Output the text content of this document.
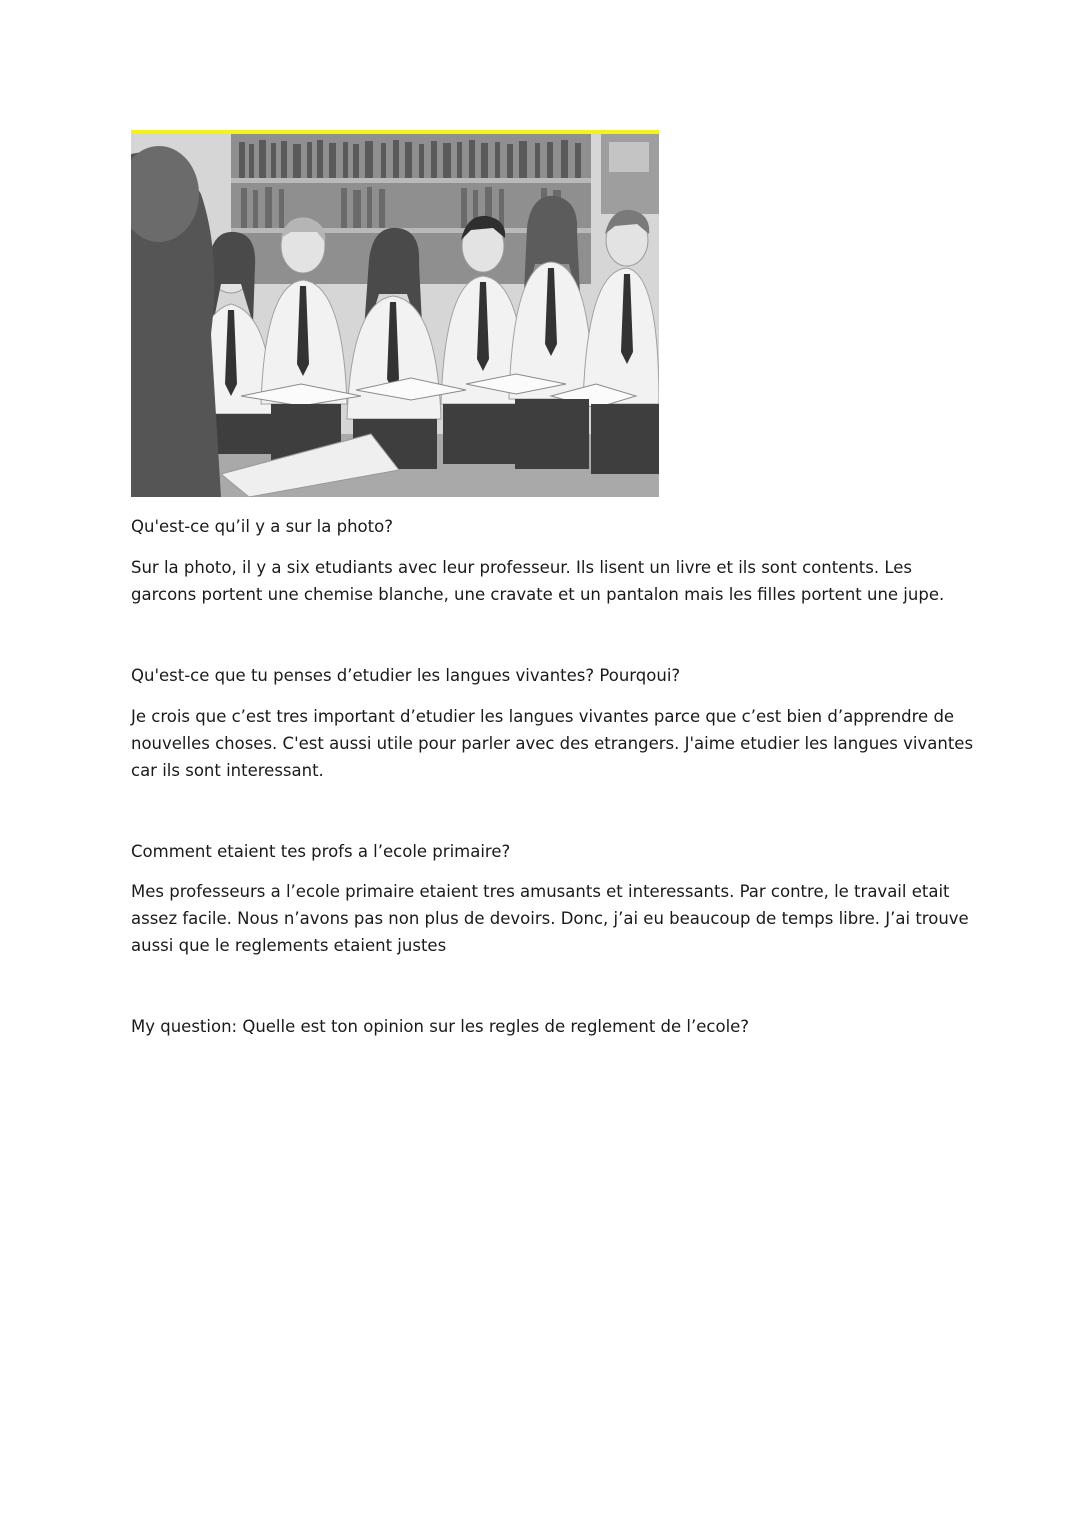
Qu'est-ce qu’il y a sur la photo?

Sur la photo, il y a six etudiants avec leur professeur. Ils lisent un livre et ils sont contents. Les
garcons portent une chemise blanche, une cravate et un pantalon mais les filles portent une jupe.

Qu'est-ce que tu penses d’etudier les langues vivantes? Pourqoui?

Je crois que c’est tres important d’etudier les langues vivantes parce que c’est bien d’apprendre de
nouvelles choses. C'est aussi utile pour parler avec des etrangers. J'aime etudier les langues vivantes
car ils sont interessant.

Comment etaient tes profs a l’ecole primaire?

Mes professeurs a l’ecole primaire etaient tres amusants et interessants. Par contre, le travail etait
assez facile. Nous n’avons pas non plus de devoirs. Donc, j’ai eu beaucoup de temps libre. J’ai trouve
aussi que le reglements etaient justes

My question: Quelle est ton opinion sur les regles de reglement de l’ecole?
